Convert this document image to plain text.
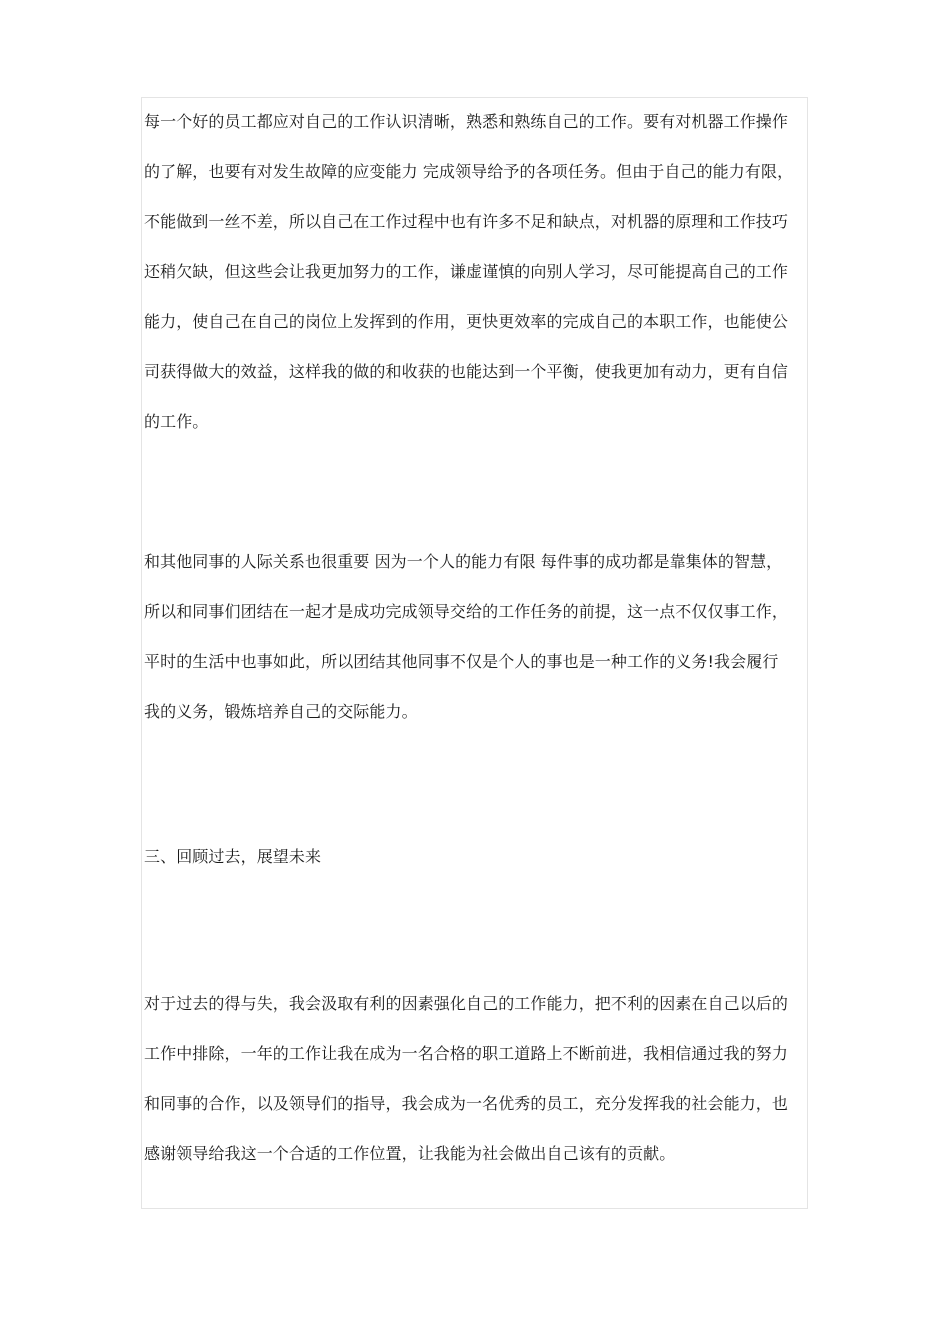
每一个好的员工都应对自己的工作认识清晰，熟悉和熟练自己的工作。要有对机器工作操作
的了解，也要有对发生故障的应变能力 完成领导给予的各项任务。但由于自己的能力有限，
不能做到一丝不差，所以自己在工作过程中也有许多不足和缺点，对机器的原理和工作技巧
还稍欠缺，但这些会让我更加努力的工作，谦虚谨慎的向别人学习，尽可能提高自己的工作
能力，使自己在自己的岗位上发挥到的作用，更快更效率的完成自己的本职工作，也能使公
司获得做大的效益，这样我的做的和收获的也能达到一个平衡，使我更加有动力，更有自信
的工作。

和其他同事的人际关系也很重要 因为一个人的能力有限 每件事的成功都是靠集体的智慧，
所以和同事们团结在一起才是成功完成领导交给的工作任务的前提，这一点不仅仅事工作，
平时的生活中也事如此，所以团结其他同事不仅是个人的事也是一种工作的义务!我会履行
我的义务，锻炼培养自己的交际能力。

三、回顾过去，展望未来

对于过去的得与失，我会汲取有利的因素强化自己的工作能力，把不利的因素在自己以后的
工作中排除，一年的工作让我在成为一名合格的职工道路上不断前进，我相信通过我的努力
和同事的合作，以及领导们的指导，我会成为一名优秀的员工，充分发挥我的社会能力，也
感谢领导给我这一个合适的工作位置，让我能为社会做出自己该有的贡献。
